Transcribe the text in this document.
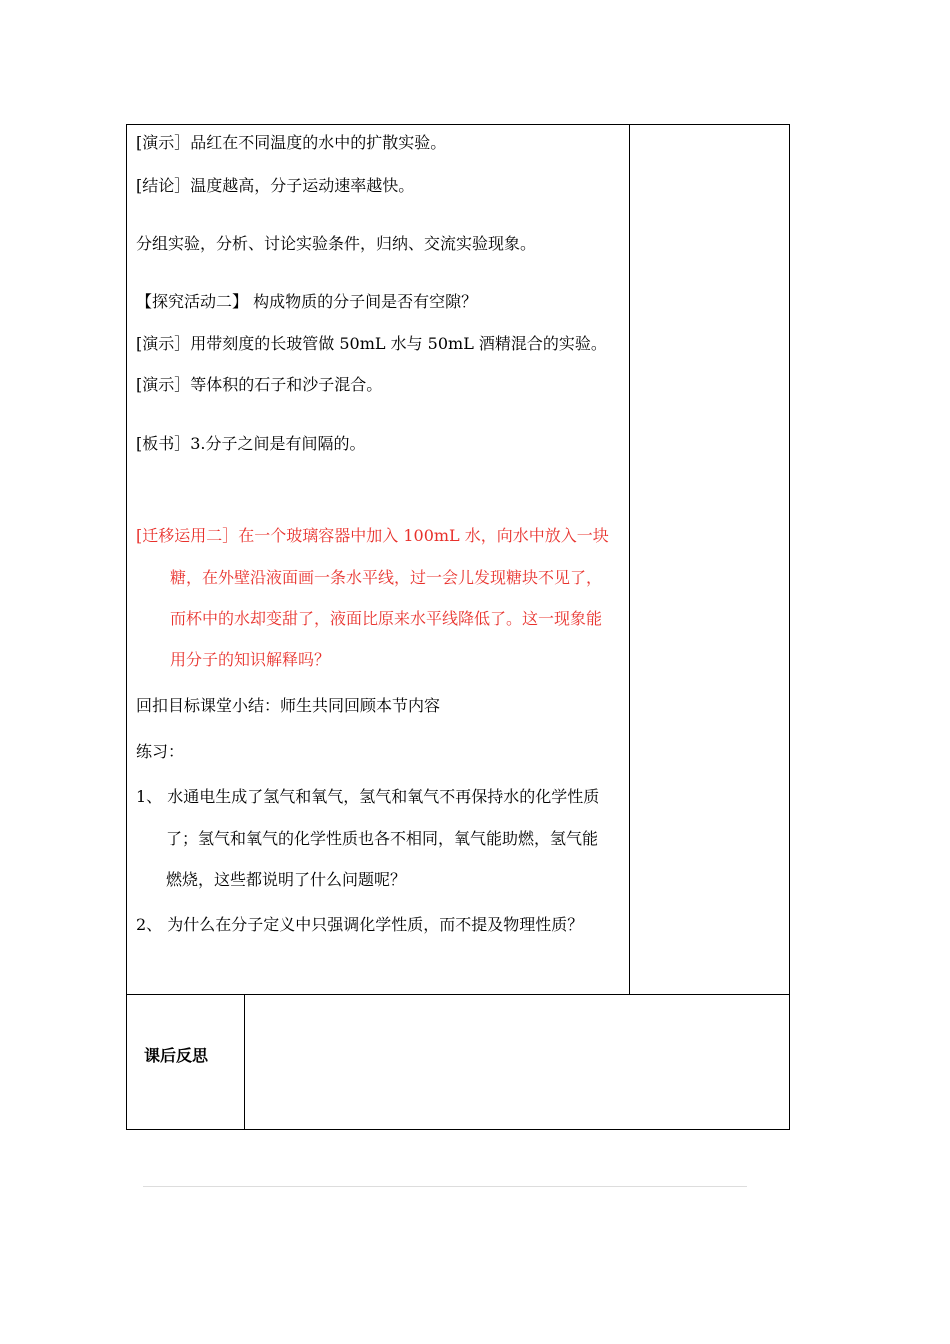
[演示］品红在不同温度的水中的扩散实验。
[结论］温度越高，分子运动速率越快。
分组实验，分析、讨论实验条件，归纳、交流实验现象。
【探究活动二】 构成物质的分子间是否有空隙？
[演示］用带刻度的长玻管做 50mL 水与 50mL 酒精混合的实验。
[演示］等体积的石子和沙子混合。
[板书］3.分子之间是有间隔的。
[迁移运用二］在一个玻璃容器中加入 100mL 水，向水中放入一块
糖，在外壁沿液面画一条水平线，过一会儿发现糖块不见了，
而杯中的水却变甜了，液面比原来水平线降低了。这一现象能
用分子的知识解释吗？
回扣目标课堂小结：师生共同回顾本节内容
练习：
1、 水通电生成了氢气和氧气，氢气和氧气不再保持水的化学性质
了；氢气和氧气的化学性质也各不相同，氧气能助燃，氢气能
燃烧，这些都说明了什么问题呢？
2、 为什么在分子定义中只强调化学性质，而不提及物理性质？
课后反思
